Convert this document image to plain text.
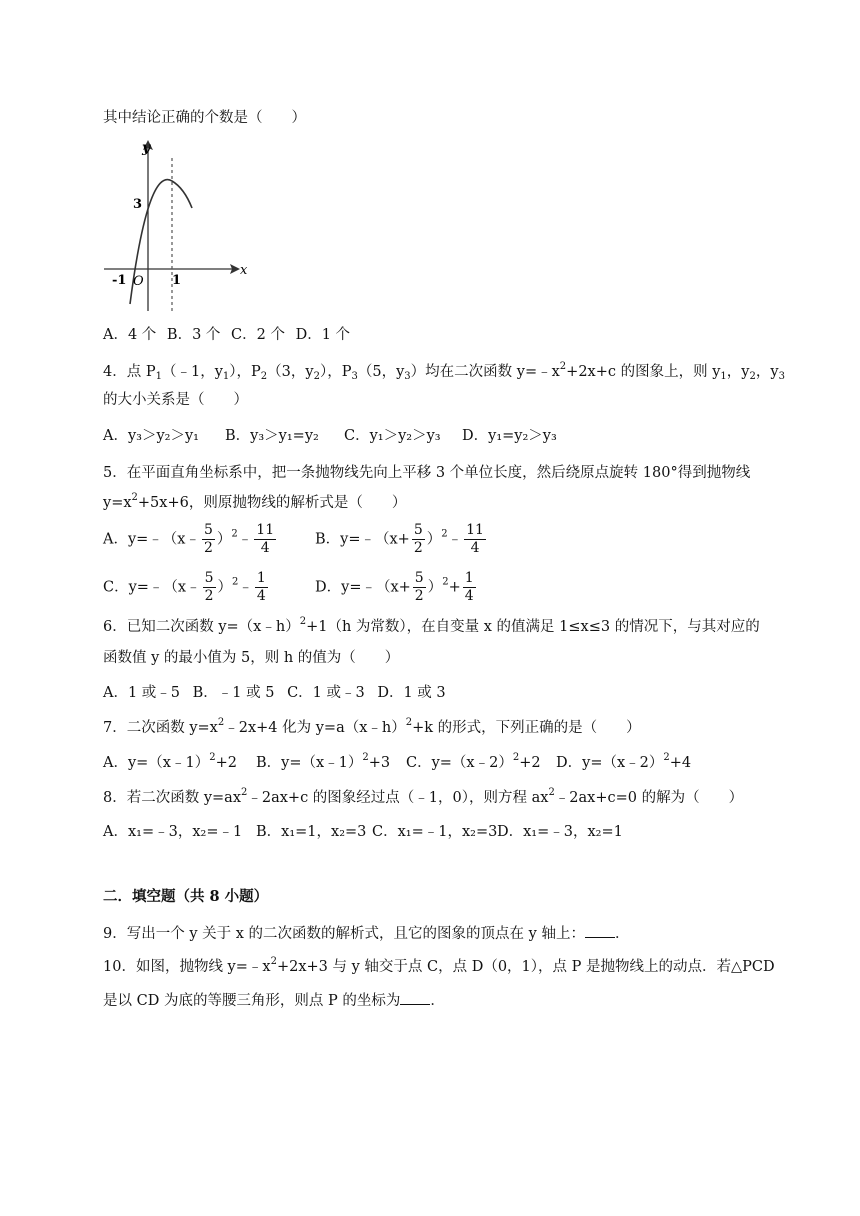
其中结论正确的个数是（　　）
y
x
O
3
-1	1
A．4 个 B．3 个 C．2 个 D．1 个
4．点 $P_1(﹣1$，$y_1$），$P_2(3$，$y_2$），$P_3(5$，$y_3$）均在二次函数 $y=﹣x^2+2x+c$ 的图象上，则 $y_1$，$y_2$，$y_3$
的大小关系是（　　）
A．y₃＞y₂＞y₁ B．y₃＞y₁=y₂ C．y₁＞y₂＞y₃ D．y₁=y₂＞y₃
5．在平面直角坐标系中，把一条抛物线先向上平移 3 个单位长度，然后绕原点旋转 180°得到抛物线
$y=x^2+5x+6$，则原抛物线的解析式是（　　）
A．y=﹣（x﹣ $\frac{5}{2}$ ）$^2$﹣ $\frac{11}{4}$	B．y=﹣（x+ $\frac{5}{2}$ ）$^2$﹣ $\frac{11}{4}$
C．y=﹣（x﹣ $\frac{5}{2}$ ）$^2$﹣ $\frac{1}{4}$	D．y=﹣（x+ $\frac{5}{2} )^2+ \frac{1}{4}$
6．已知二次函数 y=（x﹣h）$^2$+1（h 为常数），在自变量 x 的值满足 1≤x≤3 的情况下，与其对应的
函数值 y 的最小值为 5，则 h 的值为（　　）
A．1 或﹣5 B．﹣1 或 5 C．1 或﹣3 D．1 或 3
7．二次函数 $y=x^2﹣2x+4$ 化为 y=a（x﹣h）$^2$+k 的形式，下列正确的是（　　）
A．y=（x﹣1）$^2$+2 B．y=（x﹣1）$^2$+3 C．y=（x﹣2）$^2$+2 D．y=（x﹣2）$^2$+4
8．若二次函数 $y=ax^2﹣2ax+c$ 的图象经过点（﹣1，0），则方程 $ax^2﹣2ax+c=0$ 的解为（　　）
A．x₁=﹣3，x₂=﹣1 B．x₁=1，x₂=3 C．x₁=﹣1，x₂=3 D．x₁=﹣3，x₂=1
二．填空题（共 8 小题）
9．写出一个 y 关于 x 的二次函数的解析式，且它的图象的顶点在 y 轴上： ．
10．如图，抛物线 $y=﹣x^2+2x+3$ 与 y 轴交于点 C，点 D（0，1），点 P 是抛物线上的动点．若△PCD
是以 CD 为底的等腰三角形，则点 P 的坐标为 ．
